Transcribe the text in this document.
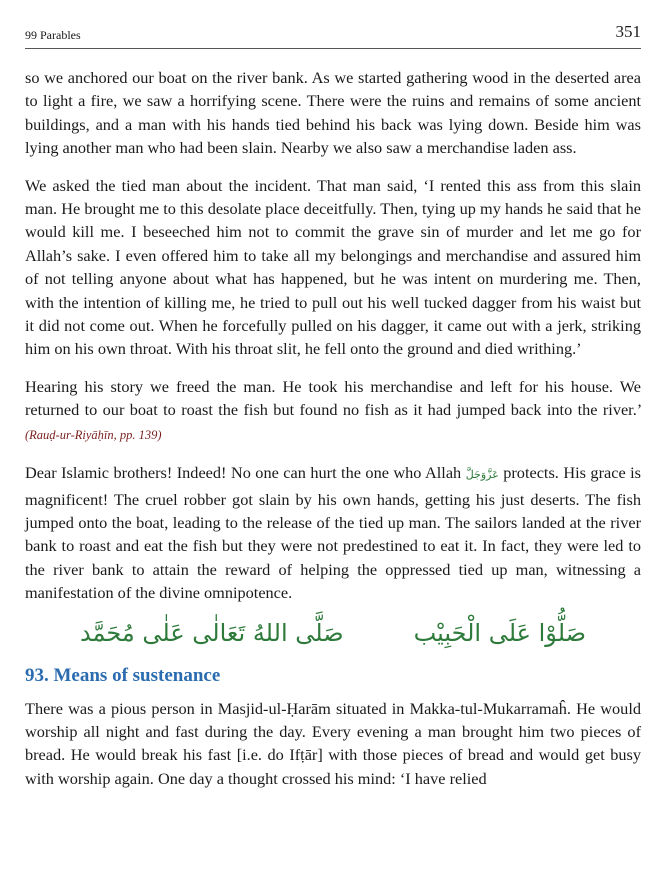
99 Parables	351

so we anchored our boat on the river bank. As we started gathering wood in the deserted area to light a fire, we saw a horrifying scene. There were the ruins and remains of some ancient buildings, and a man with his hands tied behind his back was lying down. Beside him was lying another man who had been slain. Nearby we also saw a merchandise laden ass.

We asked the tied man about the incident. That man said, ‘I rented this ass from this slain man. He brought me to this desolate place deceitfully. Then, tying up my hands he said that he would kill me. I beseeched him not to commit the grave sin of murder and let me go for Allah’s sake. I even offered him to take all my belongings and merchandise and assured him of not telling anyone about what has happened, but he was intent on murdering me. Then, with the intention of killing me, he tried to pull out his well tucked dagger from his waist but it did not come out. When he forcefully pulled on his dagger, it came out with a jerk, striking him on his own throat. With his throat slit, he fell onto the ground and died writhing.’

Hearing his story we freed the man. He took his merchandise and left for his house. We returned to our boat to roast the fish but found no fish as it had jumped back into the river.’ (Rauḍ-ur-Riyāḥīn, pp. 139)

Dear Islamic brothers! Indeed! No one can hurt the one who Allah عَزَّوَجَلَّ protects. His grace is magnificent! The cruel robber got slain by his own hands, getting his just deserts. The fish jumped onto the boat, leading to the release of the tied up man. The sailors landed at the river bank to roast and eat the fish but they were not predestined to eat it. In fact, they were led to the river bank to attain the reward of helping the oppressed tied up man, witnessing a manifestation of the divine omnipotence.

صَلَّى اللهُ تَعَالٰى عَلٰى مُحَمَّد	صَلُّوْا عَلَى الْحَبِيْب
93. Means of sustenance

There was a pious person in Masjid-ul-Ḥarām situated in Makka-tul-Mukarramaĥ. He would worship all night and fast during the day. Every evening a man brought him two pieces of bread. He would break his fast [i.e. do Ifṭār] with those pieces of bread and would get busy with worship again. One day a thought crossed his mind: ‘I have relied
